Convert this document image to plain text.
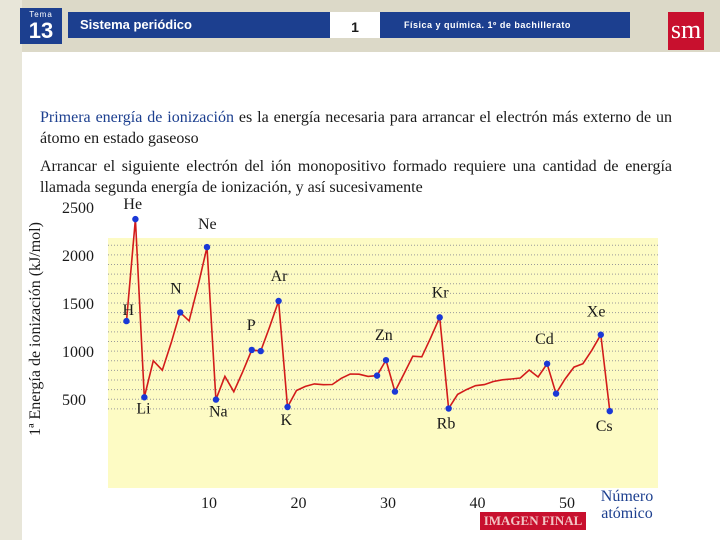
Tema
13	Sistema periódico	1	Física y química. 1º de bachillerato	sm
Primera energía de ionización es la energía necesaria para arrancar el electrón más externo de un átomo en estado gaseoso
Arrancar el siguiente electrón del ión monopositivo formado requiere una cantidad de energía llamada segunda energía de ionización, y así sucesivamente
H
He
Li
N
Ne
Na
P
Ar
K
Zn
Kr
Rb
Cd
Xe
Cs
500
1000
1500
2000
2500
10	20	30	40	50
1ª Energía de ionización (kJ/mol)
Número atómico
IMAGEN FINAL
